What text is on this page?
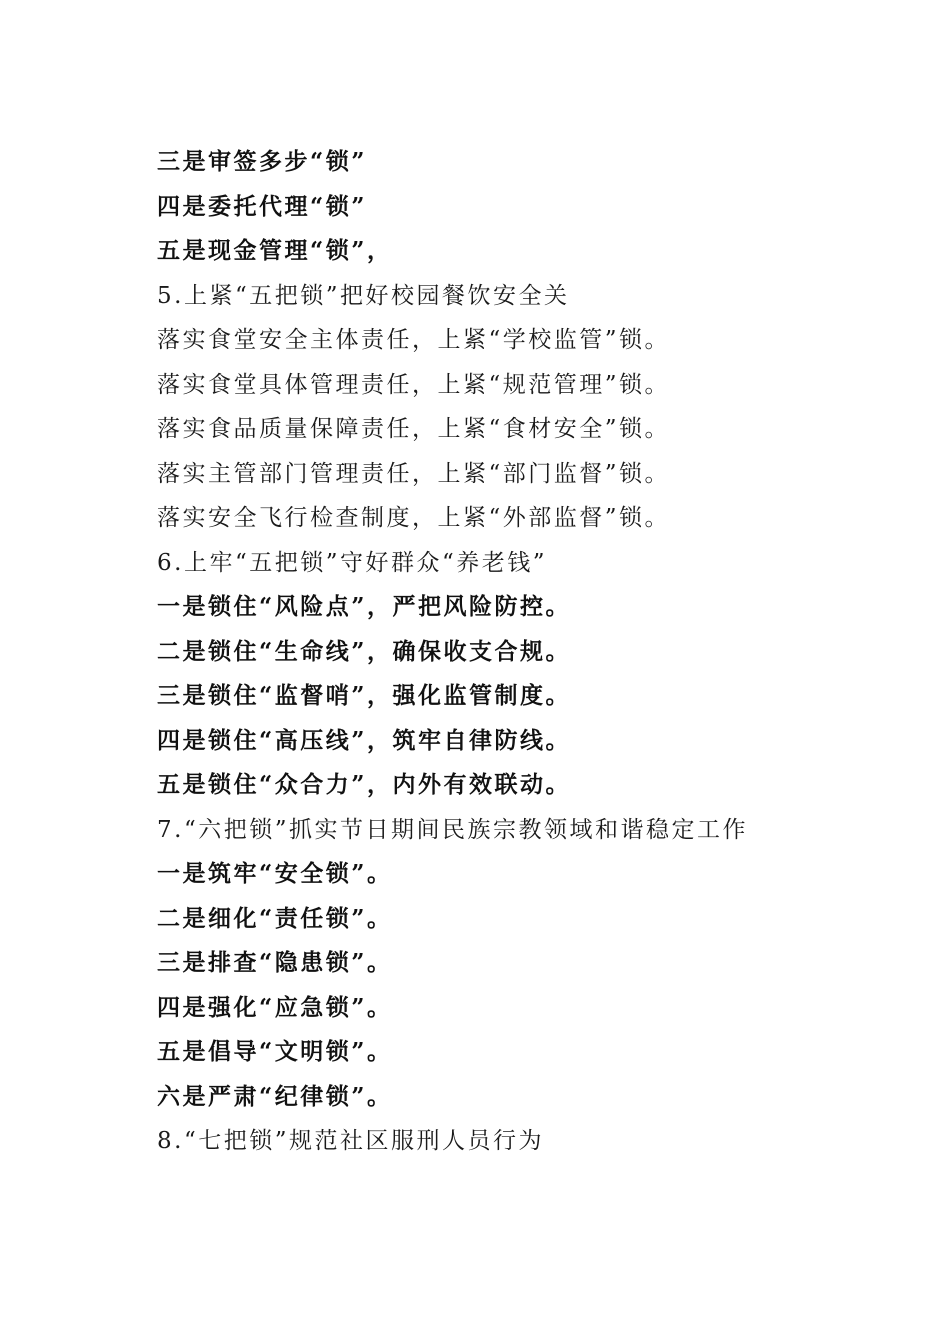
三是审签多步“锁”
四是委托代理“锁”
五是现金管理“锁”，
5.上紧“五把锁”把好校园餐饮安全关
落实食堂安全主体责任，上紧“学校监管”锁。
落实食堂具体管理责任，上紧“规范管理”锁。
落实食品质量保障责任，上紧“食材安全”锁。
落实主管部门管理责任，上紧“部门监督”锁。
落实安全飞行检查制度，上紧“外部监督”锁。
6.上牢“五把锁”守好群众“养老钱”
一是锁住“风险点”，严把风险防控。
二是锁住“生命线”，确保收支合规。
三是锁住“监督哨”，强化监管制度。
四是锁住“高压线”，筑牢自律防线。
五是锁住“众合力”，内外有效联动。
7.“六把锁”抓实节日期间民族宗教领域和谐稳定工作
一是筑牢“安全锁”。
二是细化“责任锁”。
三是排查“隐患锁”。
四是强化“应急锁”。
五是倡导“文明锁”。
六是严肃“纪律锁”。
8.“七把锁”规范社区服刑人员行为
